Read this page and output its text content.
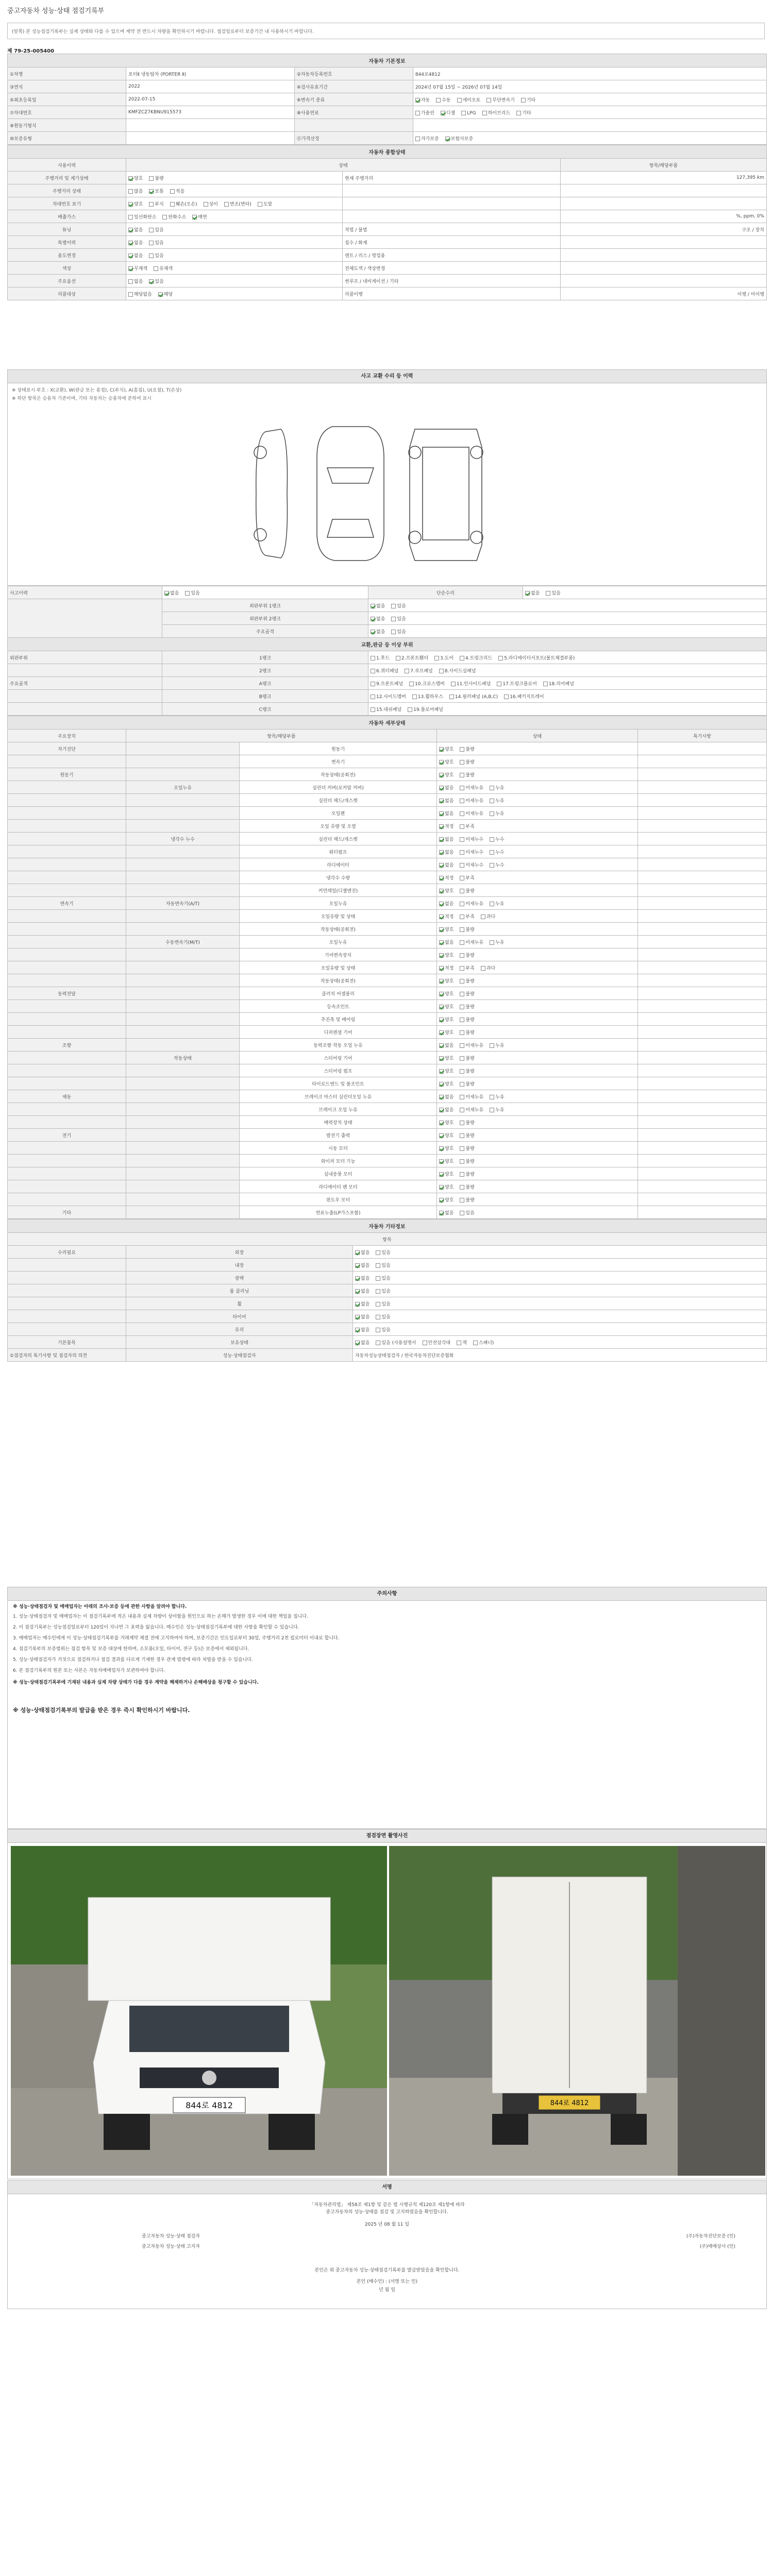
중고자동차 성능·상태 점검기록부
(앞쪽) 본 성능점검기록부는 실제 상태와 다를 수 있으며 계약 전 반드시 차량을 확인하시기 바랍니다. 점검일로부터 보증기간 내 사용하시기 바랍니다.
제 79-25-005400
자동차 기본정보			
①차명	포터Ⅱ 냉동탑차 (PORTER Ⅱ)	②자동차등록번호	844로4812
③연식	2022	④검사유효기간	2024년 07월 15일 ~ 2026년 07월 14일
⑤최초등록일	2022-07-15	⑥변속기 종류	자동 수동 세미오토 무단변속기 기타
⑦차대번호	KMFZCZ7KBNU915573	⑧사용연료	가솔린 디젤 LPG 하이브리드 기타
⑨원동기형식			
⑩보증유형		⑪가격산정	자가보증 보험사보증
자동차 종합상태			
사용이력	상태		항목/해당부품
주행거리 및 계기상태	양호 불량	현재 주행거리	127,395 km
주행거리 상태	많음 보통 적음		
차대번호 표기	양호 부식 훼손(오손) 상이 변조(변타) 도말		
배출가스	일산화탄소 탄화수소 매연		%, ppm, 0%
튜닝	없음 있음	적법 / 불법	구조 / 장치
특별이력	없음 있음	침수 / 화재	
용도변경	없음 있음	렌트 / 리스 / 영업용	
색상	무채색 유채색	전체도색 / 색상변경	
주요옵션	없음 있음	썬루프 / 네비게이션 / 기타	
리콜대상	해당없음 해당	리콜이행	이행 / 미이행
사고 교환 수리 등 이력
※ 상태표시 부호 : X(교환), W(판금 또는 용접), C(부식), A(흠집), U(요철), T(손상)
※ 하단 항목은 승용차 기준이며, 기타 자동차는 승용차에 준하여 표시
사고이력	없음 있음	단순수리	없음 있음
	외판부위 1랭크	없음 있음	
	외판부위 2랭크	없음 있음	
	주요골격	없음 있음	
교환,판금 등 이상 부위			
외판부위	1랭크	1.후드 2.프론트휀더 3.도어 4.트렁크리드 5.라디에이터서포트(볼트체결부품)	
	2랭크	6.쿼터패널 7.루프패널 8.사이드실패널	
주요골격	A랭크	9.프론트패널 10.크로스멤버 11.인사이드패널 17.트렁크플로어 18.리어패널	
	B랭크	12.사이드멤버 13.휠하우스 14.필러패널 (A,B,C) 16.패키지트레이	
	C랭크	15.대쉬패널 19.플로어패널	
자동차 세부상태				
주요장치	항목/해당부품		상태	특기사항
자기진단		원동기	양호 불량	
		변속기	양호 불량	
원동기		작동상태(공회전)	양호 불량	
	오일누유	실린더 커버(로커암 커버)	없음 미세누유 누유	
		실린더 헤드/개스켓	없음 미세누유 누유	
		오일팬	없음 미세누유 누유	
		오일 유량 및 오염	적정 부족	
	냉각수 누수	실린더 헤드/개스켓	없음 미세누수 누수	
		워터펌프	없음 미세누수 누수	
		라디에이터	없음 미세누수 누수	
		냉각수 수량	적정 부족	
		커먼레일(디젤엔진)	양호 불량	
변속기	자동변속기(A/T)	오일누유	없음 미세누유 누유	
		오일유량 및 상태	적정 부족 과다	
		작동상태(공회전)	양호 불량	
	수동변속기(M/T)	오일누유	없음 미세누유 누유	
		기어변속장치	양호 불량	
		오일유량 및 상태	적정 부족 과다	
		작동상태(공회전)	양호 불량	
동력전달		클러치 어셈블리	양호 불량	
		등속조인트	양호 불량	
		추진축 및 베어링	양호 불량	
		디퍼렌셜 기어	양호 불량	
조향		동력조향 작동 오일 누유	없음 미세누유 누유	
	작동상태	스티어링 기어	양호 불량	
		스티어링 펌프	양호 불량	
		타이로드엔드 및 볼조인트	양호 불량	
제동		브레이크 마스터 실린더오일 누유	없음 미세누유 누유	
		브레이크 오일 누유	없음 미세누유 누유	
		배력장치 상태	양호 불량	
전기		발전기 출력	양호 불량	
		시동 모터	양호 불량	
		와이퍼 모터 기능	양호 불량	
		실내송풍 모터	양호 불량	
		라디에이터 팬 모터	양호 불량	
		윈도우 모터	양호 불량	
기타		연료누출(LP가스포함)	없음 있음	
자동차 기타정보		
항목		
수리필요	외장	없음 있음
	내장	없음 있음
	광택	없음 있음
	룸 클리닝	없음 있음
	휠	없음 있음
	타이어	없음 있음
	유리	없음 있음
기본품목	보유상태	없음 있음 (사용설명서 안전삼각대 잭 스패너)
①점검자의 특기사항 및 점검자의 의견	성능·상태점검자	자동차성능상태점검자 / 한국자동차진단보증협회
주의사항
※ 성능·상태점검자 및 매매업자는 아래의 조사·보증 등에 관한 사항을 알려야 합니다.
1. 성능·상태점검자 및 매매업자는 이 점검기록부에 적은 내용과 실제 차량이 상이함을 원인으로 하는 손해가 발생한 경우 이에 대한 책임을 집니다.
2. 이 점검기록부는 성능점검일로부터 120일이 지나면 그 효력을 잃습니다. 매수인은 성능·상태점검기록부에 대한 사항을 확인할 수 있습니다.
3. 매매업자는 매수인에게 이 성능·상태점검기록부를 거래계약 체결 전에 고지하여야 하며, 보증기간은 인도일로부터 30일, 주행거리 2천 킬로미터 이내로 합니다.
4. 점검기록부의 보증범위는 점검 항목 및 보증 대상에 한하며, 소모품(오일, 타이어, 전구 등)은 보증에서 제외됩니다.
5. 성능·상태점검자가 거짓으로 점검하거나 점검 결과를 다르게 기재한 경우 관계 법령에 따라 처벌을 받을 수 있습니다.
6. 본 점검기록부의 원본 또는 사본은 자동차매매업자가 보관하여야 합니다.
※ 성능·상태점검기록부에 기재된 내용과 실제 차량 상태가 다를 경우 계약을 해제하거나 손해배상을 청구할 수 있습니다.
※ 성능·상태점검기록부의 발급을 받은 경우 즉시 확인하시기 바랍니다.
점검장면 촬영사진
844로 4812	844로 4812
서명
「자동차관리법」 제58조 제1항 및 같은 법 시행규칙 제120조 제1항에 따라
중고자동차의 성능·상태를 점검 및 고지하였음을 확인합니다.
2025 년 08 월 11 일
중고자동차 성능·상태 점검자	(주)자동차진단보증 (인)
중고자동차 성능·상태 고지자	(주)매매상사 (인)
본인은 위 중고자동차 성능·상태점검기록부를 발급받았음을 확인합니다.
본인 (매수인) : (서명 또는 인)
년 월 일
